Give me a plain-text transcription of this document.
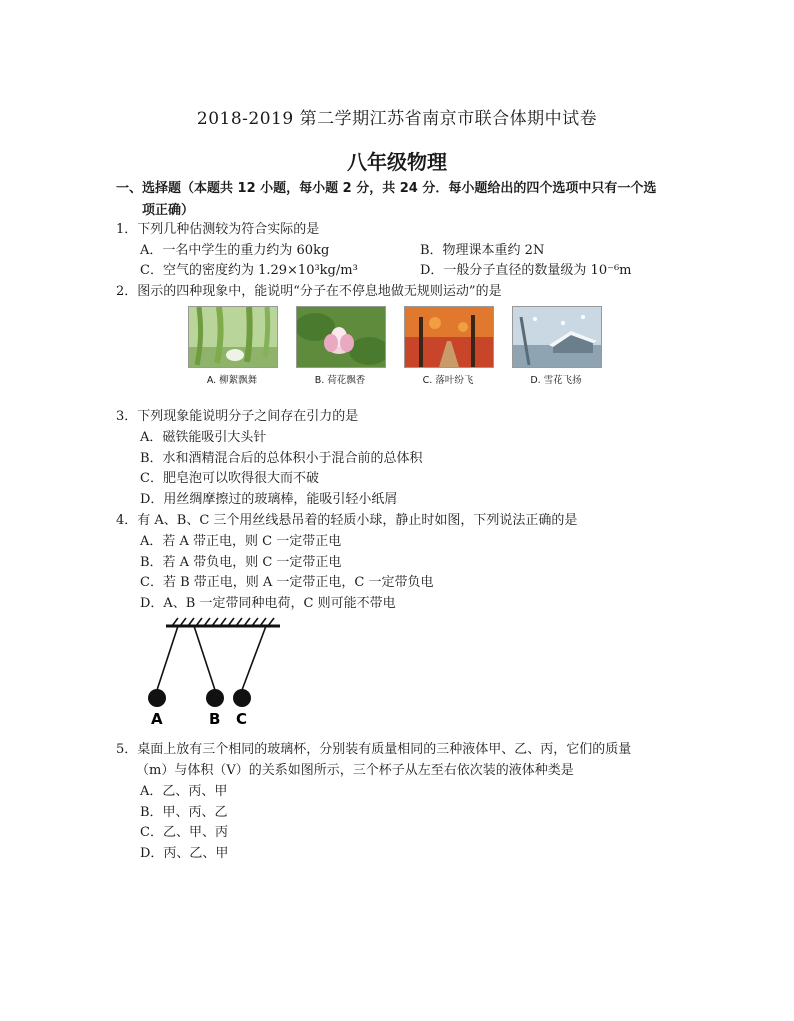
2018-2019 第二学期江苏省南京市联合体期中试卷
八年级物理
一、选择题（本题共 12 小题，每小题 2 分，共 24 分．每小题给出的四个选项中只有一个选
项正确）
1．下列几种估测较为符合实际的是
A．一名中学生的重力约为 60kg	B．物理课本重约 2N
C．空气的密度约为 1.29×10³kg/m³	D．一般分子直径的数量级为 10⁻⁶m
2．图示的四种现象中，能说明“分子在不停息地做无规则运动”的是
A. 柳絮飘舞	B. 荷花飘香	C. 落叶纷飞	D. 雪花飞扬
3．下列现象能说明分子之间存在引力的是
A．磁铁能吸引大头针
B．水和酒精混合后的总体积小于混合前的总体积
C．肥皂泡可以吹得很大而不破
D．用丝绸摩擦过的玻璃棒，能吸引轻小纸屑
4．有 A、B、C 三个用丝线悬吊着的轻质小球，静止时如图，下列说法正确的是
A．若 A 带正电，则 C 一定带正电
B．若 A 带负电，则 C 一定带正电
C．若 B 带正电，则 A 一定带正电，C 一定带负电
D．A、B 一定带同种电荷，C 则可能不带电
A	B C
5．桌面上放有三个相同的玻璃杯，分别装有质量相同的三种液体甲、乙、丙，它们的质量
（m）与体积（V）的关系如图所示，三个杯子从左至右依次装的液体种类是
A．乙、丙、甲
B．甲、丙、乙
C．乙、甲、丙
D．丙、乙、甲
